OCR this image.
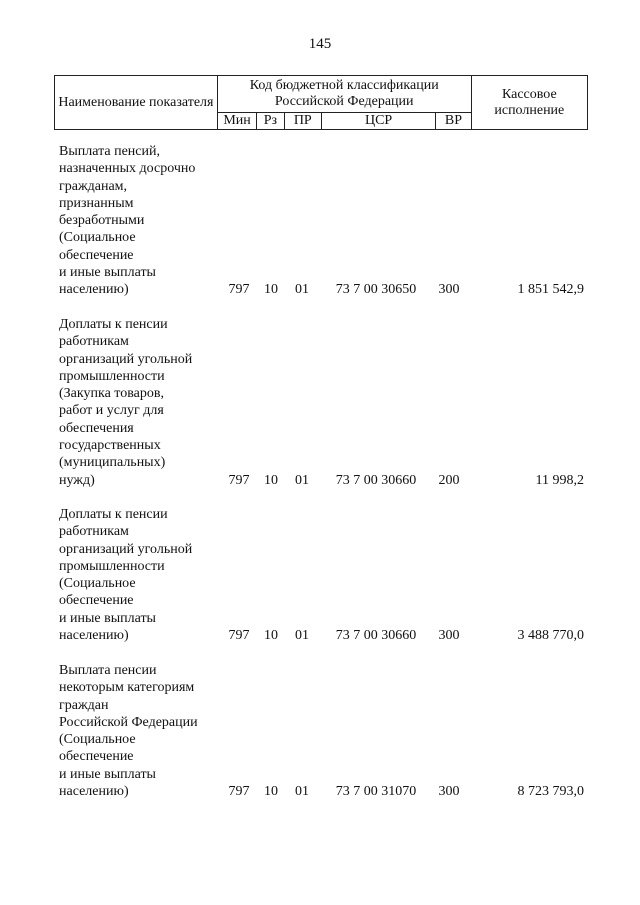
145
Наименование показателя	Код бюджетной классификации Российской Федерации					Кассовое исполнение
	Мин	Рз	ПР	ЦСР	ВР	
Выплата пенсий,
назначенных досрочно
гражданам,
признанным
безработными
(Социальное
обеспечение
и иные выплаты
населению)	797	10	01	73 7 00 30650	300	1 851 542,9
Доплаты к пенсии
работникам
организаций угольной
промышленности
(Закупка товаров,
работ и услуг для
обеспечения
государственных
(муниципальных)
нужд)	797	10	01	73 7 00 30660	200	11 998,2
Доплаты к пенсии
работникам
организаций угольной
промышленности
(Социальное
обеспечение
и иные выплаты
населению)	797	10	01	73 7 00 30660	300	3 488 770,0
Выплата пенсии
некоторым категориям
граждан
Российской Федерации
(Социальное
обеспечение
и иные выплаты
населению)	797	10	01	73 7 00 31070	300	8 723 793,0
